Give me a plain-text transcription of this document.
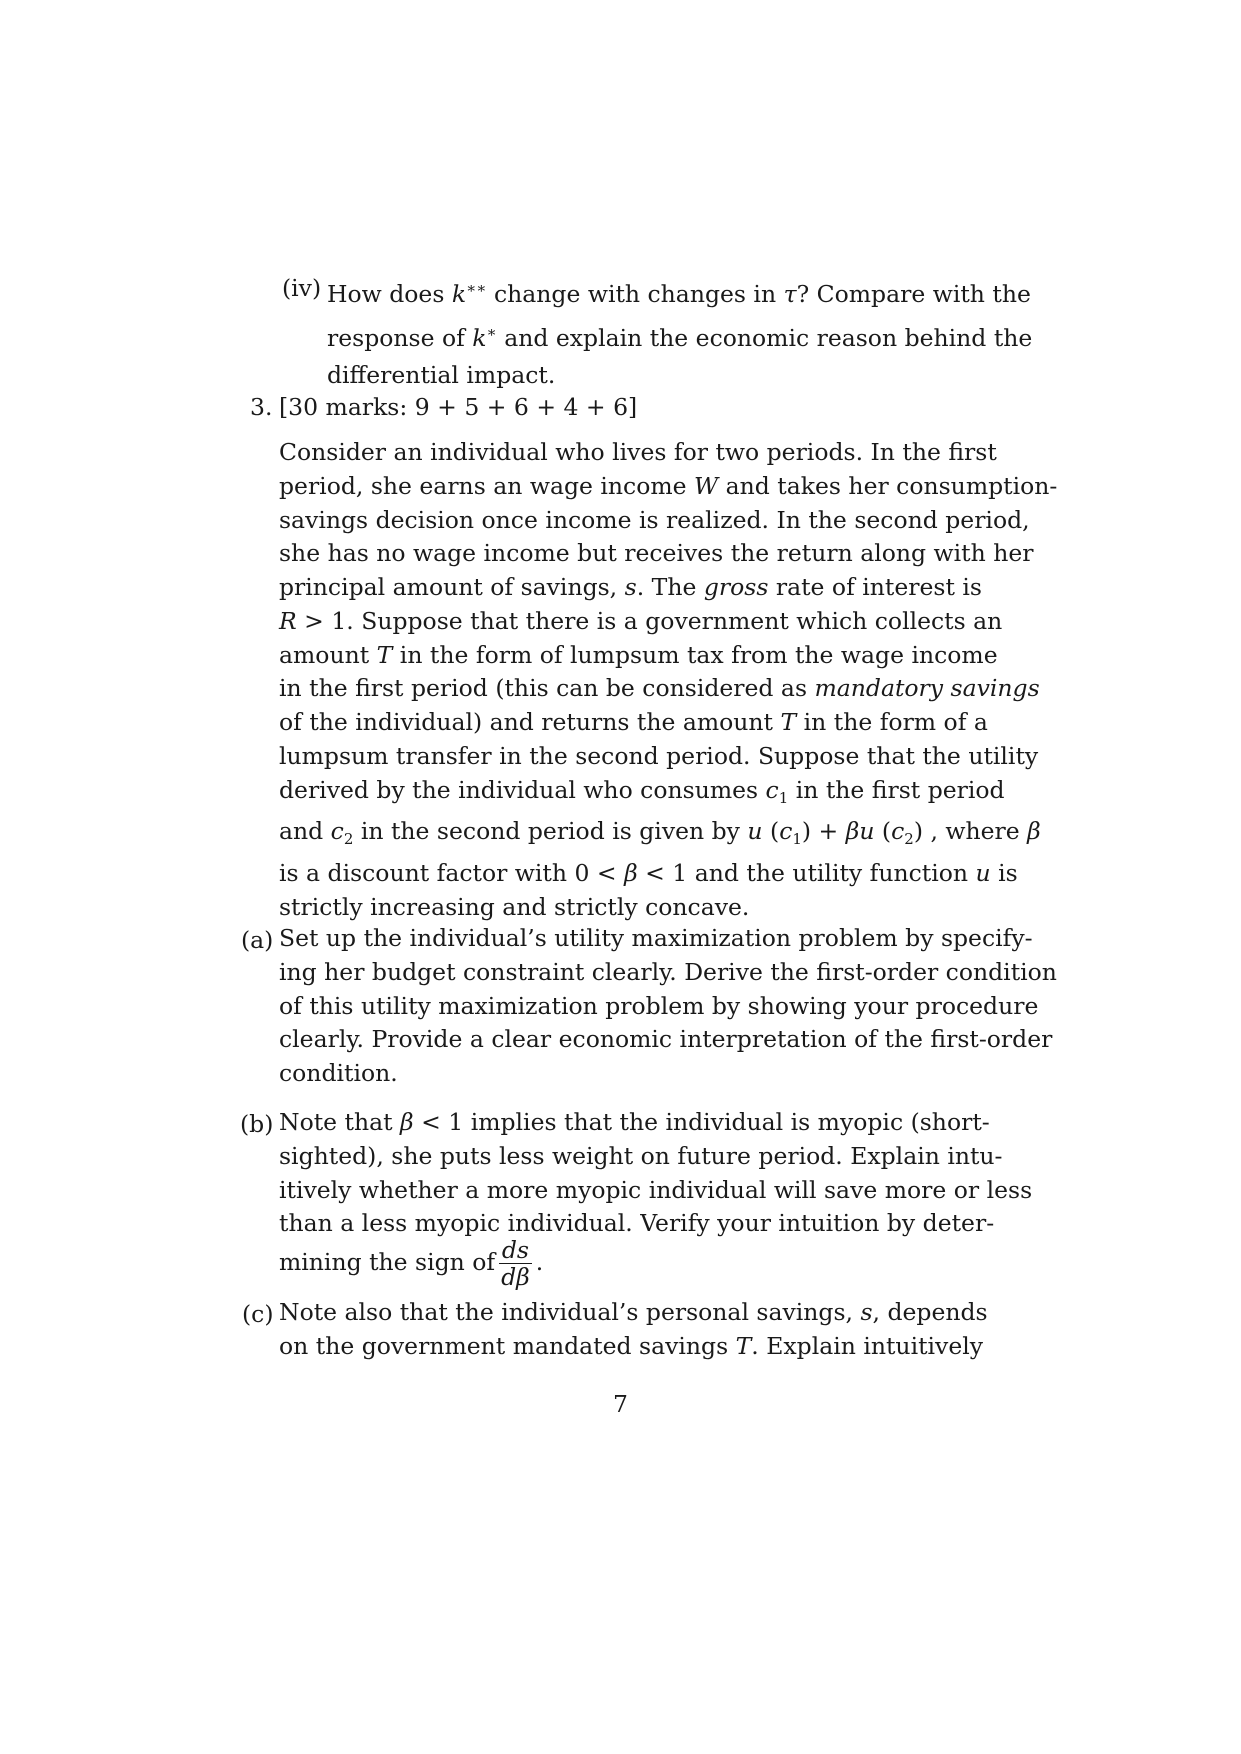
(iv) How does k∗∗ change with changes in τ? Compare with the
response of k∗ and explain the economic reason behind the
differential impact.
3. [30 marks: 9 + 5 + 6 + 4 + 6]
Consider an individual who lives for two periods. In the first
period, she earns an wage income W and takes her consumption-
savings decision once income is realized. In the second period,
she has no wage income but receives the return along with her
principal amount of savings, s. The gross rate of interest is
R > 1. Suppose that there is a government which collects an
amount T in the form of lumpsum tax from the wage income
in the first period (this can be considered as mandatory savings
of the individual) and returns the amount T in the form of a
lumpsum transfer in the second period. Suppose that the utility
derived by the individual who consumes $c_1$ in the first period
and $c_2$ in the second period is given by u $(c_1) + \beta u$ $(c_2)$ , where β
is a discount factor with 0 < β < 1 and the utility function u is
strictly increasing and strictly concave.
(a) Set up the individual’s utility maximization problem by specify-
ing her budget constraint clearly. Derive the first-order condition
of this utility maximization problem by showing your procedure
clearly. Provide a clear economic interpretation of the first-order
condition.
(b) Note that β < 1 implies that the individual is myopic (short-
sighted), she puts less weight on future period. Explain intu-
itively whether a more myopic individual will save more or less
than a less myopic individual. Verify your intuition by deter-
mining the sign of $\frac{ds}{d\beta}$ .
(c) Note also that the individual’s personal savings, s, depends
on the government mandated savings T. Explain intuitively
7
